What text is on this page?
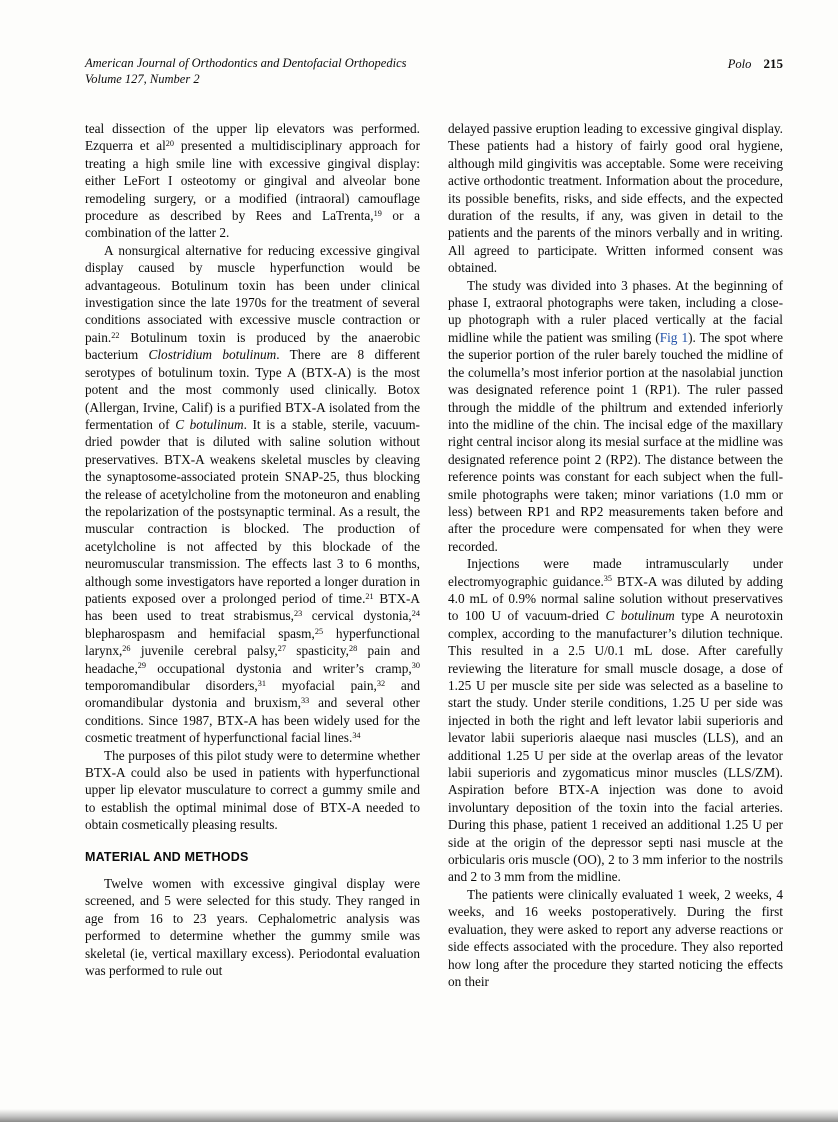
American Journal of Orthodontics and Dentofacial Orthopedics
Volume 127, Number 2
Polo 215

teal dissection of the upper lip elevators was performed. Ezquerra et al$^{20}$ presented a multidisciplinary approach for treating a high smile line with excessive gingival display: either LeFort I osteotomy or gingival and alveolar bone remodeling surgery, or a modified (intraoral) camouflage procedure as described by Rees and LaTrenta,$^{19}$ or a combination of the latter 2.

A nonsurgical alternative for reducing excessive gingival display caused by muscle hyperfunction would be advantageous. Botulinum toxin has been under clinical investigation since the late 1970s for the treatment of several conditions associated with excessive muscle contraction or pain.$^{22}$ Botulinum toxin is produced by the anaerobic bacterium Clostridium botulinum. There are 8 different serotypes of botulinum toxin. Type A (BTX-A) is the most potent and the most commonly used clinically. Botox (Allergan, Irvine, Calif) is a purified BTX-A isolated from the fermentation of C botulinum. It is a stable, sterile, vacuum-dried powder that is diluted with saline solution without preservatives. BTX-A weakens skeletal muscles by cleaving the synaptosome-associated protein SNAP-25, thus blocking the release of acetylcholine from the motoneuron and enabling the repolarization of the postsynaptic terminal. As a result, the muscular contraction is blocked. The production of acetylcholine is not affected by this blockade of the neuromuscular transmission. The effects last 3 to 6 months, although some investigators have reported a longer duration in patients exposed over a prolonged period of time.$^{21}$ BTX-A has been used to treat strabismus,$^{23}$ cervical dystonia,$^{24}$ blepharospasm and hemifacial spasm,$^{25}$ hyperfunctional larynx,$^{26}$ juvenile cerebral palsy,$^{27}$ spasticity,$^{28}$ pain and headache,$^{29}$ occupational dystonia and writer’s cramp,$^{30}$ temporomandibular disorders,$^{31}$ myofacial pain,$^{32}$ and oromandibular dystonia and bruxism,$^{33}$ and several other conditions. Since 1987, BTX-A has been widely used for the cosmetic treatment of hyperfunctional facial lines.$^{34}$

The purposes of this pilot study were to determine whether BTX-A could also be used in patients with hyperfunctional upper lip elevator musculature to correct a gummy smile and to establish the optimal minimal dose of BTX-A needed to obtain cosmetically pleasing results.

MATERIAL AND METHODS

Twelve women with excessive gingival display were screened, and 5 were selected for this study. They ranged in age from 16 to 23 years. Cephalometric analysis was performed to determine whether the gummy smile was skeletal (ie, vertical maxillary excess). Periodontal evaluation was performed to rule out

delayed passive eruption leading to excessive gingival display. These patients had a history of fairly good oral hygiene, although mild gingivitis was acceptable. Some were receiving active orthodontic treatment. Information about the procedure, its possible benefits, risks, and side effects, and the expected duration of the results, if any, was given in detail to the patients and the parents of the minors verbally and in writing. All agreed to participate. Written informed consent was obtained.

The study was divided into 3 phases. At the beginning of phase I, extraoral photographs were taken, including a close-up photograph with a ruler placed vertically at the facial midline while the patient was smiling (Fig 1). The spot where the superior portion of the ruler barely touched the midline of the columella’s most inferior portion at the nasolabial junction was designated reference point 1 (RP1). The ruler passed through the middle of the philtrum and extended inferiorly into the midline of the chin. The incisal edge of the maxillary right central incisor along its mesial surface at the midline was designated reference point 2 (RP2). The distance between the reference points was constant for each subject when the full-smile photographs were taken; minor variations (1.0 mm or less) between RP1 and RP2 measurements taken before and after the procedure were compensated for when they were recorded.

Injections were made intramuscularly under electromyographic guidance.$^{35}$ BTX-A was diluted by adding 4.0 mL of 0.9% normal saline solution without preservatives to 100 U of vacuum-dried C botulinum type A neurotoxin complex, according to the manufacturer’s dilution technique. This resulted in a 2.5 U/0.1 mL dose. After carefully reviewing the literature for small muscle dosage, a dose of 1.25 U per muscle site per side was selected as a baseline to start the study. Under sterile conditions, 1.25 U per side was injected in both the right and left levator labii superioris and levator labii superioris alaeque nasi muscles (LLS), and an additional 1.25 U per side at the overlap areas of the levator labii superioris and zygomaticus minor muscles (LLS/ZM). Aspiration before BTX-A injection was done to avoid involuntary deposition of the toxin into the facial arteries. During this phase, patient 1 received an additional 1.25 U per side at the origin of the depressor septi nasi muscle at the orbicularis oris muscle (OO), 2 to 3 mm inferior to the nostrils and 2 to 3 mm from the midline.

The patients were clinically evaluated 1 week, 2 weeks, 4 weeks, and 16 weeks postoperatively. During the first evaluation, they were asked to report any adverse reactions or side effects associated with the procedure. They also reported how long after the procedure they started noticing the effects on their
